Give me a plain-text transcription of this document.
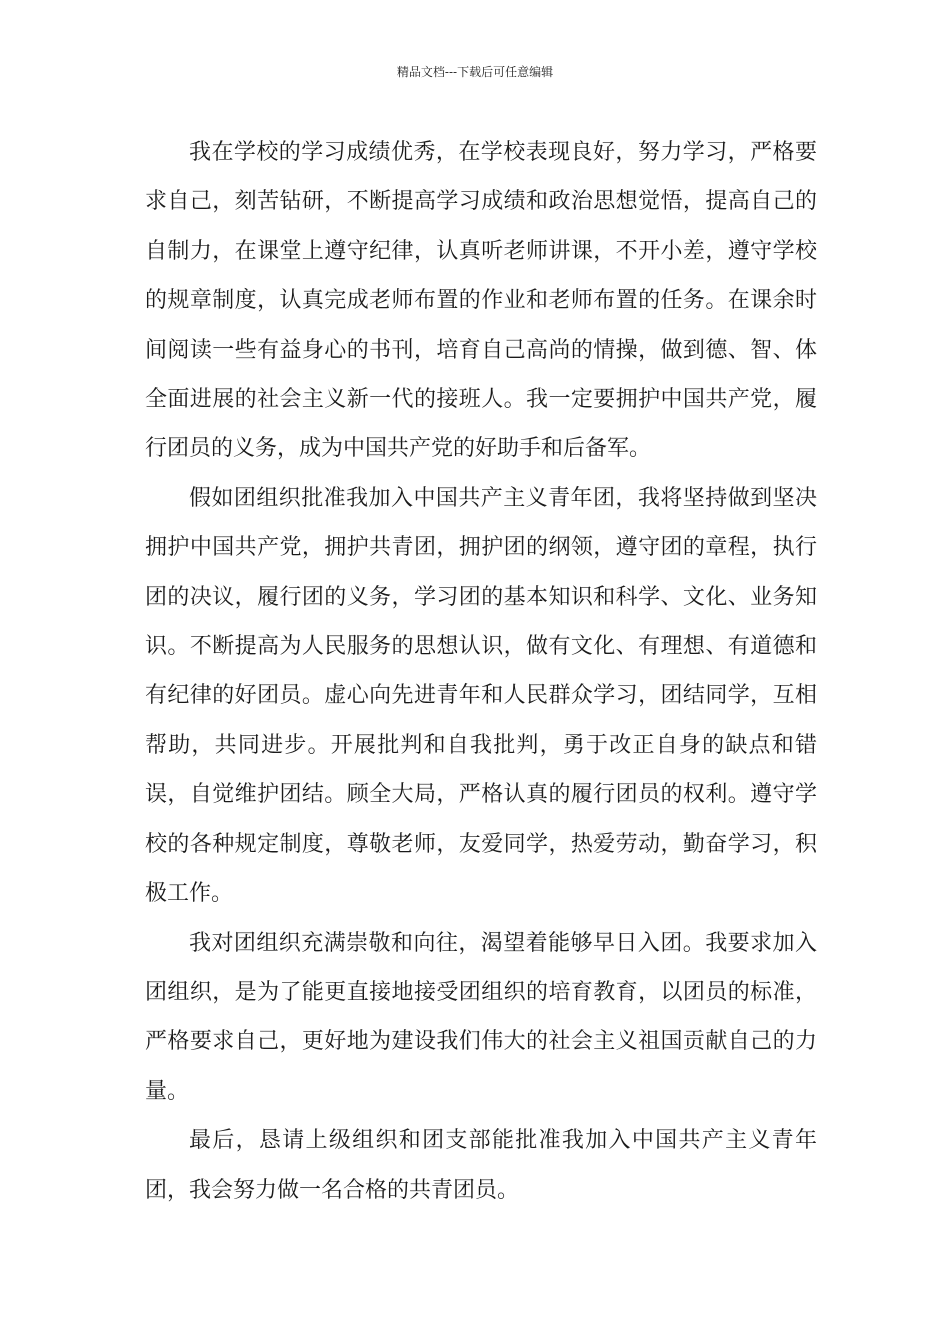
精品文档---下载后可任意编辑

我在学校的学习成绩优秀，在学校表现良好，努力学习，严格要求自己，刻苦钻研，不断提高学习成绩和政治思想觉悟，提高自己的自制力，在课堂上遵守纪律，认真听老师讲课，不开小差，遵守学校的规章制度，认真完成老师布置的作业和老师布置的任务。在课余时间阅读一些有益身心的书刊，培育自己高尚的情操，做到德、智、体全面进展的社会主义新一代的接班人。我一定要拥护中国共产党，履行团员的义务，成为中国共产党的好助手和后备军。

假如团组织批准我加入中国共产主义青年团，我将坚持做到坚决拥护中国共产党，拥护共青团，拥护团的纲领，遵守团的章程，执行团的决议，履行团的义务，学习团的基本知识和科学、文化、业务知识。不断提高为人民服务的思想认识，做有文化、有理想、有道德和有纪律的好团员。虚心向先进青年和人民群众学习，团结同学，互相帮助，共同进步。开展批判和自我批判，勇于改正自身的缺点和错误，自觉维护团结。顾全大局，严格认真的履行团员的权利。遵守学校的各种规定制度，尊敬老师，友爱同学，热爱劳动，勤奋学习，积极工作。

我对团组织充满崇敬和向往，渴望着能够早日入团。我要求加入团组织，是为了能更直接地接受团组织的培育教育，以团员的标准，严格要求自己，更好地为建设我们伟大的社会主义祖国贡献自己的力量。

最后，恳请上级组织和团支部能批准我加入中国共产主义青年团，我会努力做一名合格的共青团员。
